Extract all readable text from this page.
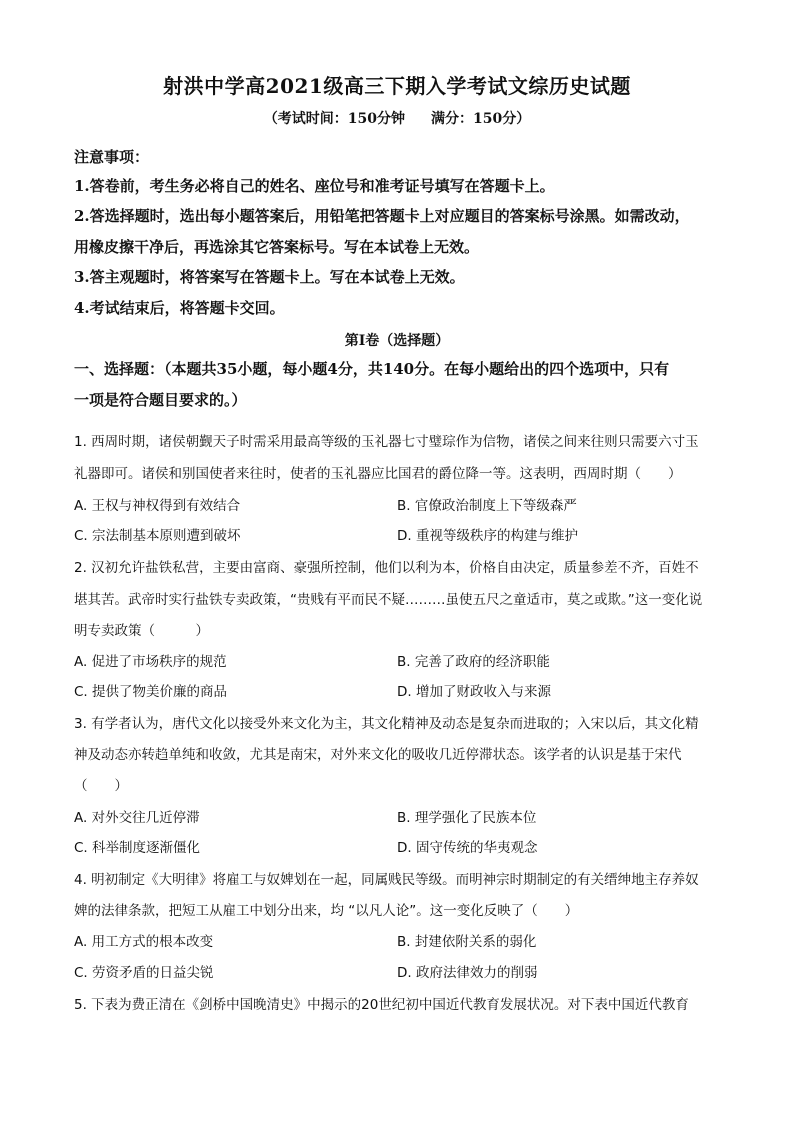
射洪中学高2021级高三下期入学考试文综历史试题
（考试时间：150分钟 满分：150分）
注意事项：
1.答卷前，考生务必将自己的姓名、座位号和准考证号填写在答题卡上。
2.答选择题时，选出每小题答案后，用铅笔把答题卡上对应题目的答案标号涂黑。如需改动，
用橡皮擦干净后，再选涂其它答案标号。写在本试卷上无效。
3.答主观题时，将答案写在答题卡上。写在本试卷上无效。
4.考试结束后，将答题卡交回。
第Ⅰ卷（选择题）
一、选择题：（本题共35小题，每小题4分，共140分。在每小题给出的四个选项中，只有
一项是符合题目要求的。）
1. 西周时期，诸侯朝觐天子时需采用最高等级的玉礼器七寸璧琮作为信物，诸侯之间来往则只需要六寸玉
礼器即可。诸侯和别国使者来往时，使者的玉礼器应比国君的爵位降一等。这表明，西周时期（　　）
A. 王权与神权得到有效结合	B. 官僚政治制度上下等级森严
C. 宗法制基本原则遭到破坏	D. 重视等级秩序的构建与维护
2. 汉初允许盐铁私营，主要由富商、豪强所控制，他们以利为本，价格自由决定，质量参差不齐，百姓不
堪其苦。武帝时实行盐铁专卖政策，“贵贱有平而民不疑………虽使五尺之童适市，莫之或欺。”这一变化说
明专卖政策（　　　）
A. 促进了市场秩序的规范	B. 完善了政府的经济职能
C. 提供了物美价廉的商品	D. 增加了财政收入与来源
3. 有学者认为，唐代文化以接受外来文化为主，其文化精神及动态是复杂而进取的；入宋以后，其文化精
神及动态亦转趋单纯和收敛，尤其是南宋，对外来文化的吸收几近停滞状态。该学者的认识是基于宋代
（　　）
A. 对外交往几近停滞	B. 理学强化了民族本位
C. 科举制度逐渐僵化	D. 固守传统的华夷观念
4. 明初制定《大明律》将雇工与奴婢划在一起，同属贱民等级。而明神宗时期制定的有关缙绅地主存养奴
婢的法律条款，把短工从雇工中划分出来，均 “以凡人论”。这一变化反映了（　　）
A. 用工方式的根本改变	B. 封建依附关系的弱化
C. 劳资矛盾的日益尖锐	D. 政府法律效力的削弱
5. 下表为费正清在《剑桥中国晚清史》中揭示的20世纪初中国近代教育发展状况。对下表中国近代教育
